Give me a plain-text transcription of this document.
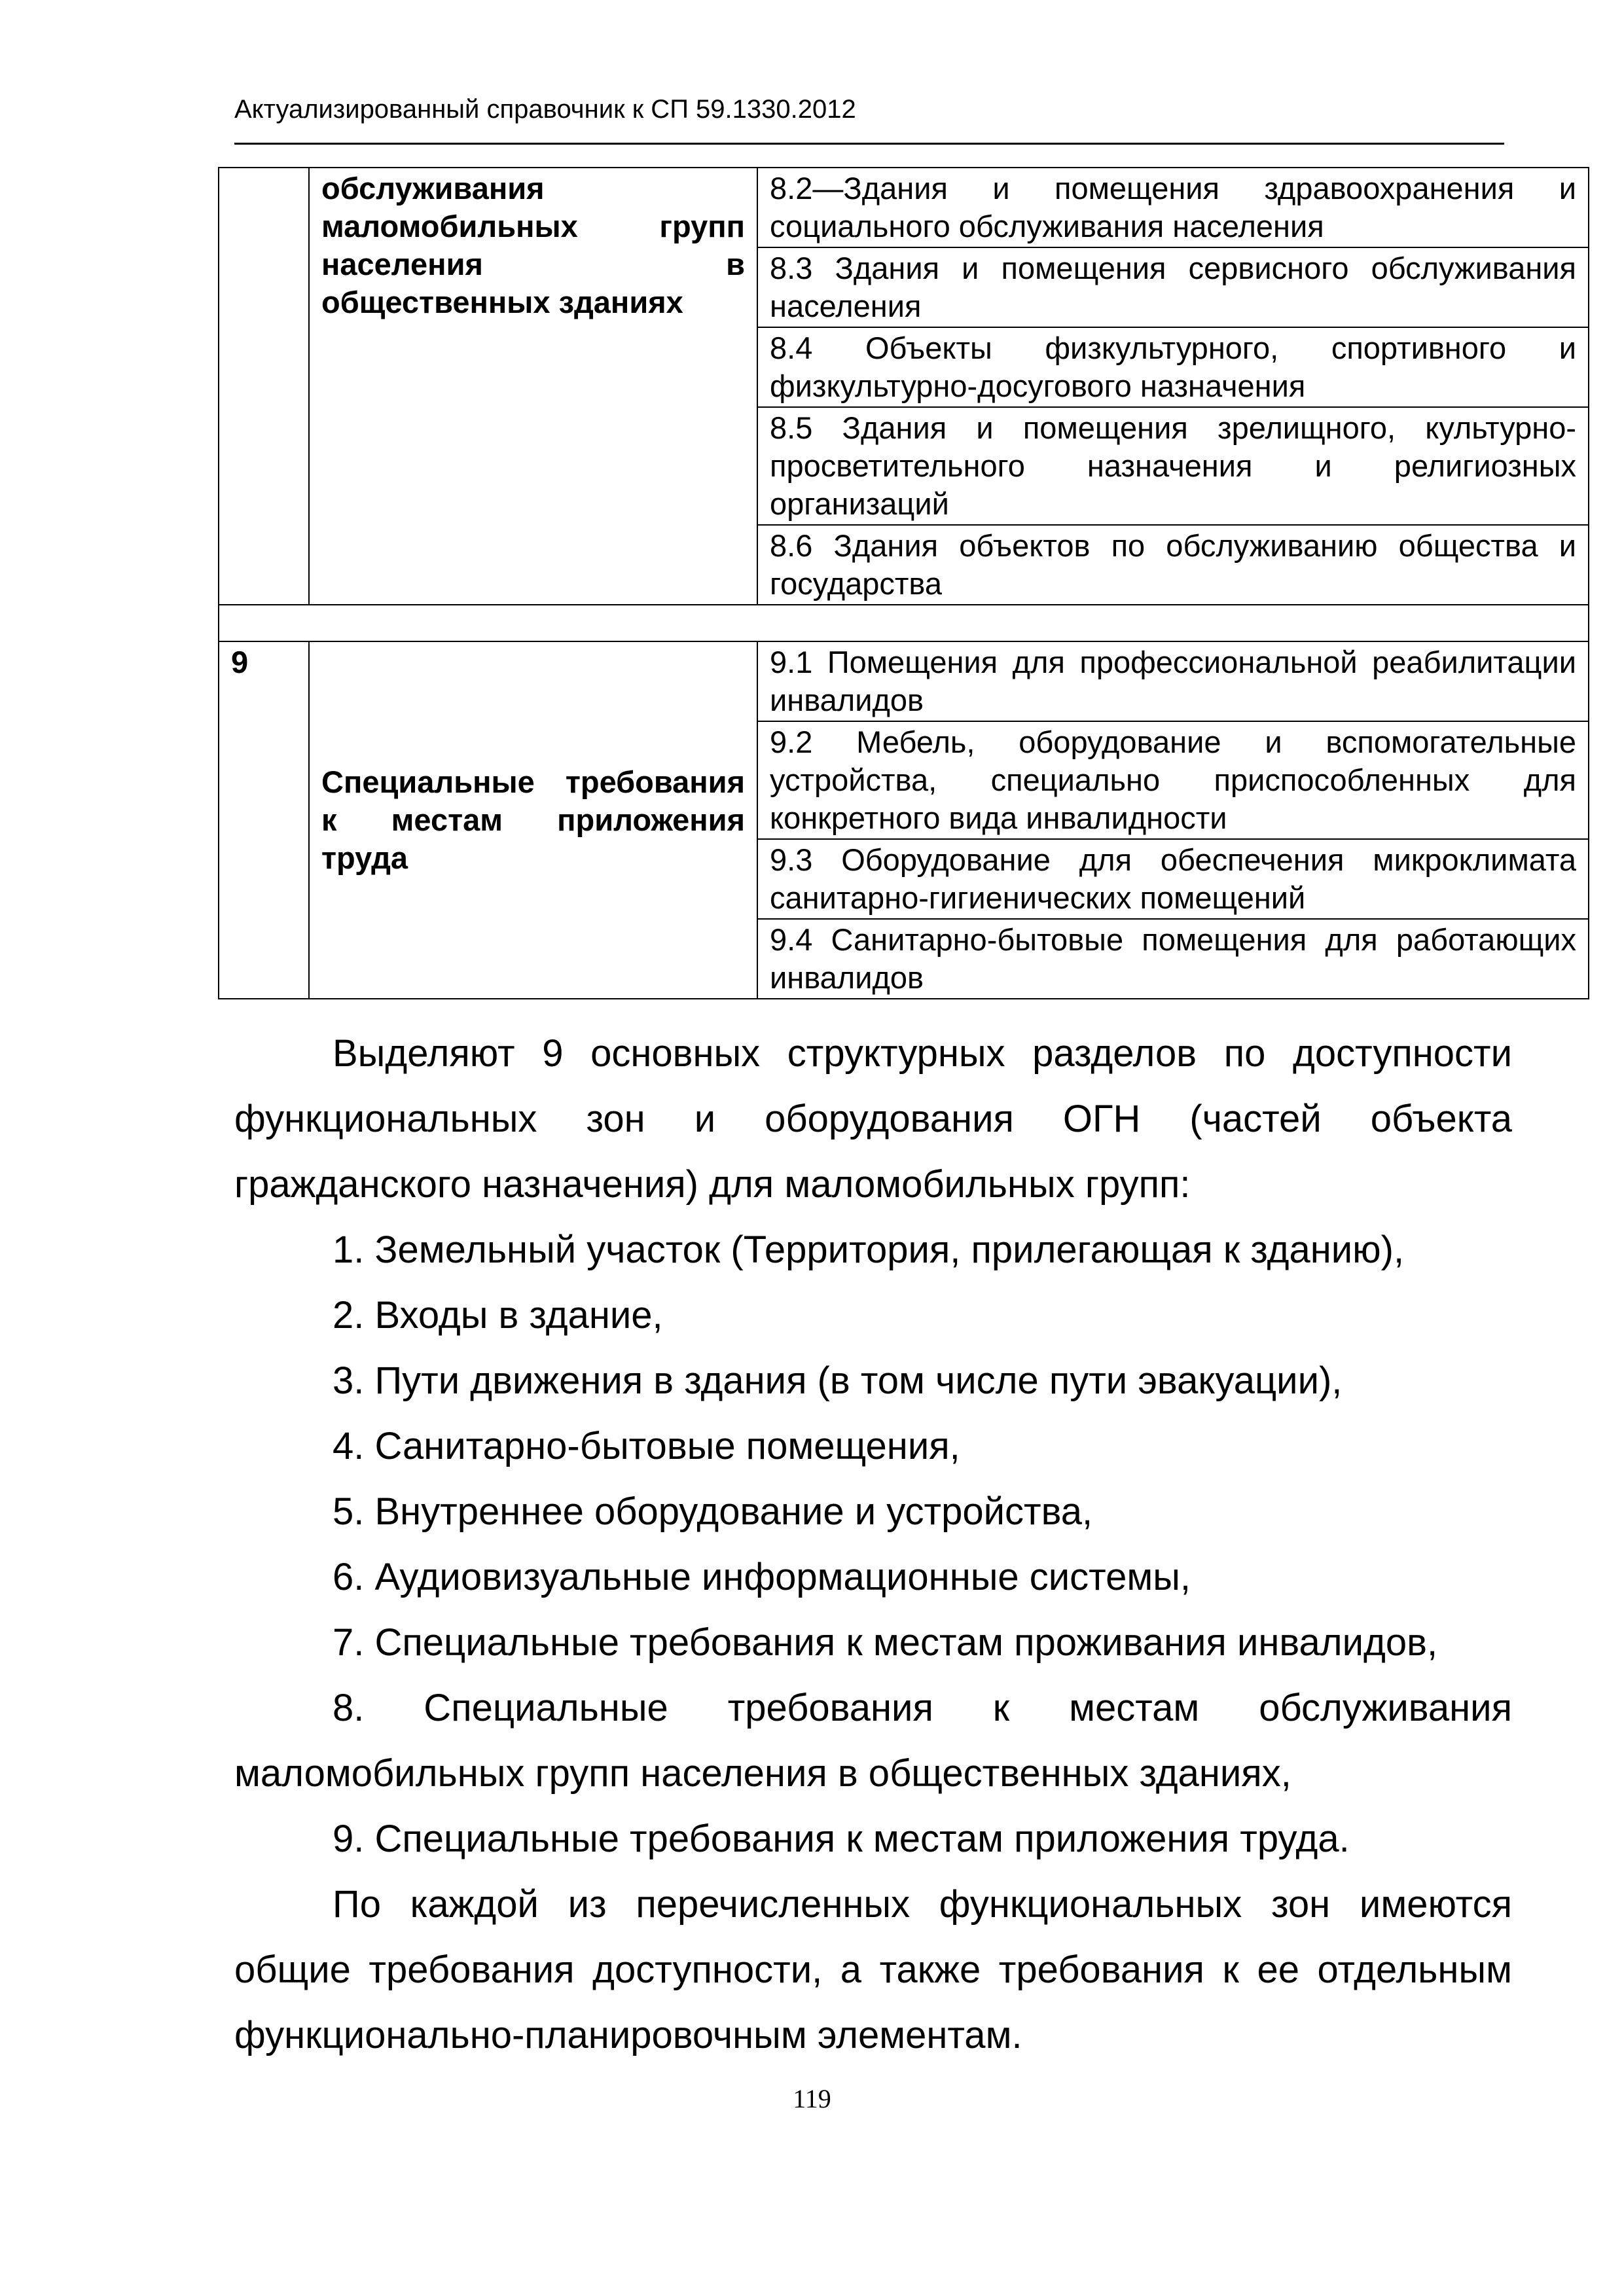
Актуализированный справочник к СП 59.1330.2012
	обслуживания маломобильных групп населения в общественных зданиях	8.2—Здания и помещения здравоохранения и социального обслуживания населения
		8.3 Здания и помещения сервисного обслуживания населения
		8.4 Объекты физкультурного, спортивного и физкультурно-досугового назначения
		8.5 Здания и помещения зрелищного, культурно-просветительного назначения и религиозных организаций
		8.6 Здания объектов по обслуживанию общества и государства

9	Специальные требования к местам приложения труда	9.1 Помещения для профессиональной реабилитации инвалидов
		9.2 Мебель, оборудование и вспомогательные устройства, специально приспособленных для конкретного вида инвалидности
		9.3 Оборудование для обеспечения микроклимата санитарно-гигиенических помещений
		9.4 Санитарно-бытовые помещения для работающих инвалидов

Выделяют 9 основных структурных разделов по доступности функциональных зон и оборудования ОГН (частей объекта гражданского назначения) для маломобильных групп:

1. Земельный участок (Территория, прилегающая к зданию),

2. Входы в здание,

3. Пути движения в здания (в том числе пути эвакуации),

4. Санитарно-бытовые помещения,

5. Внутреннее оборудование и устройства,

6. Аудиовизуальные информационные системы,

7. Специальные требования к местам проживания инвалидов,

8. Специальные требования к местам обслуживания маломобильных групп населения в общественных зданиях,

9. Специальные требования к местам приложения труда.

По каждой из перечисленных функциональных зон имеются общие требования доступности, а также требования к ее отдельным функционально-планировочным элементам.

119
